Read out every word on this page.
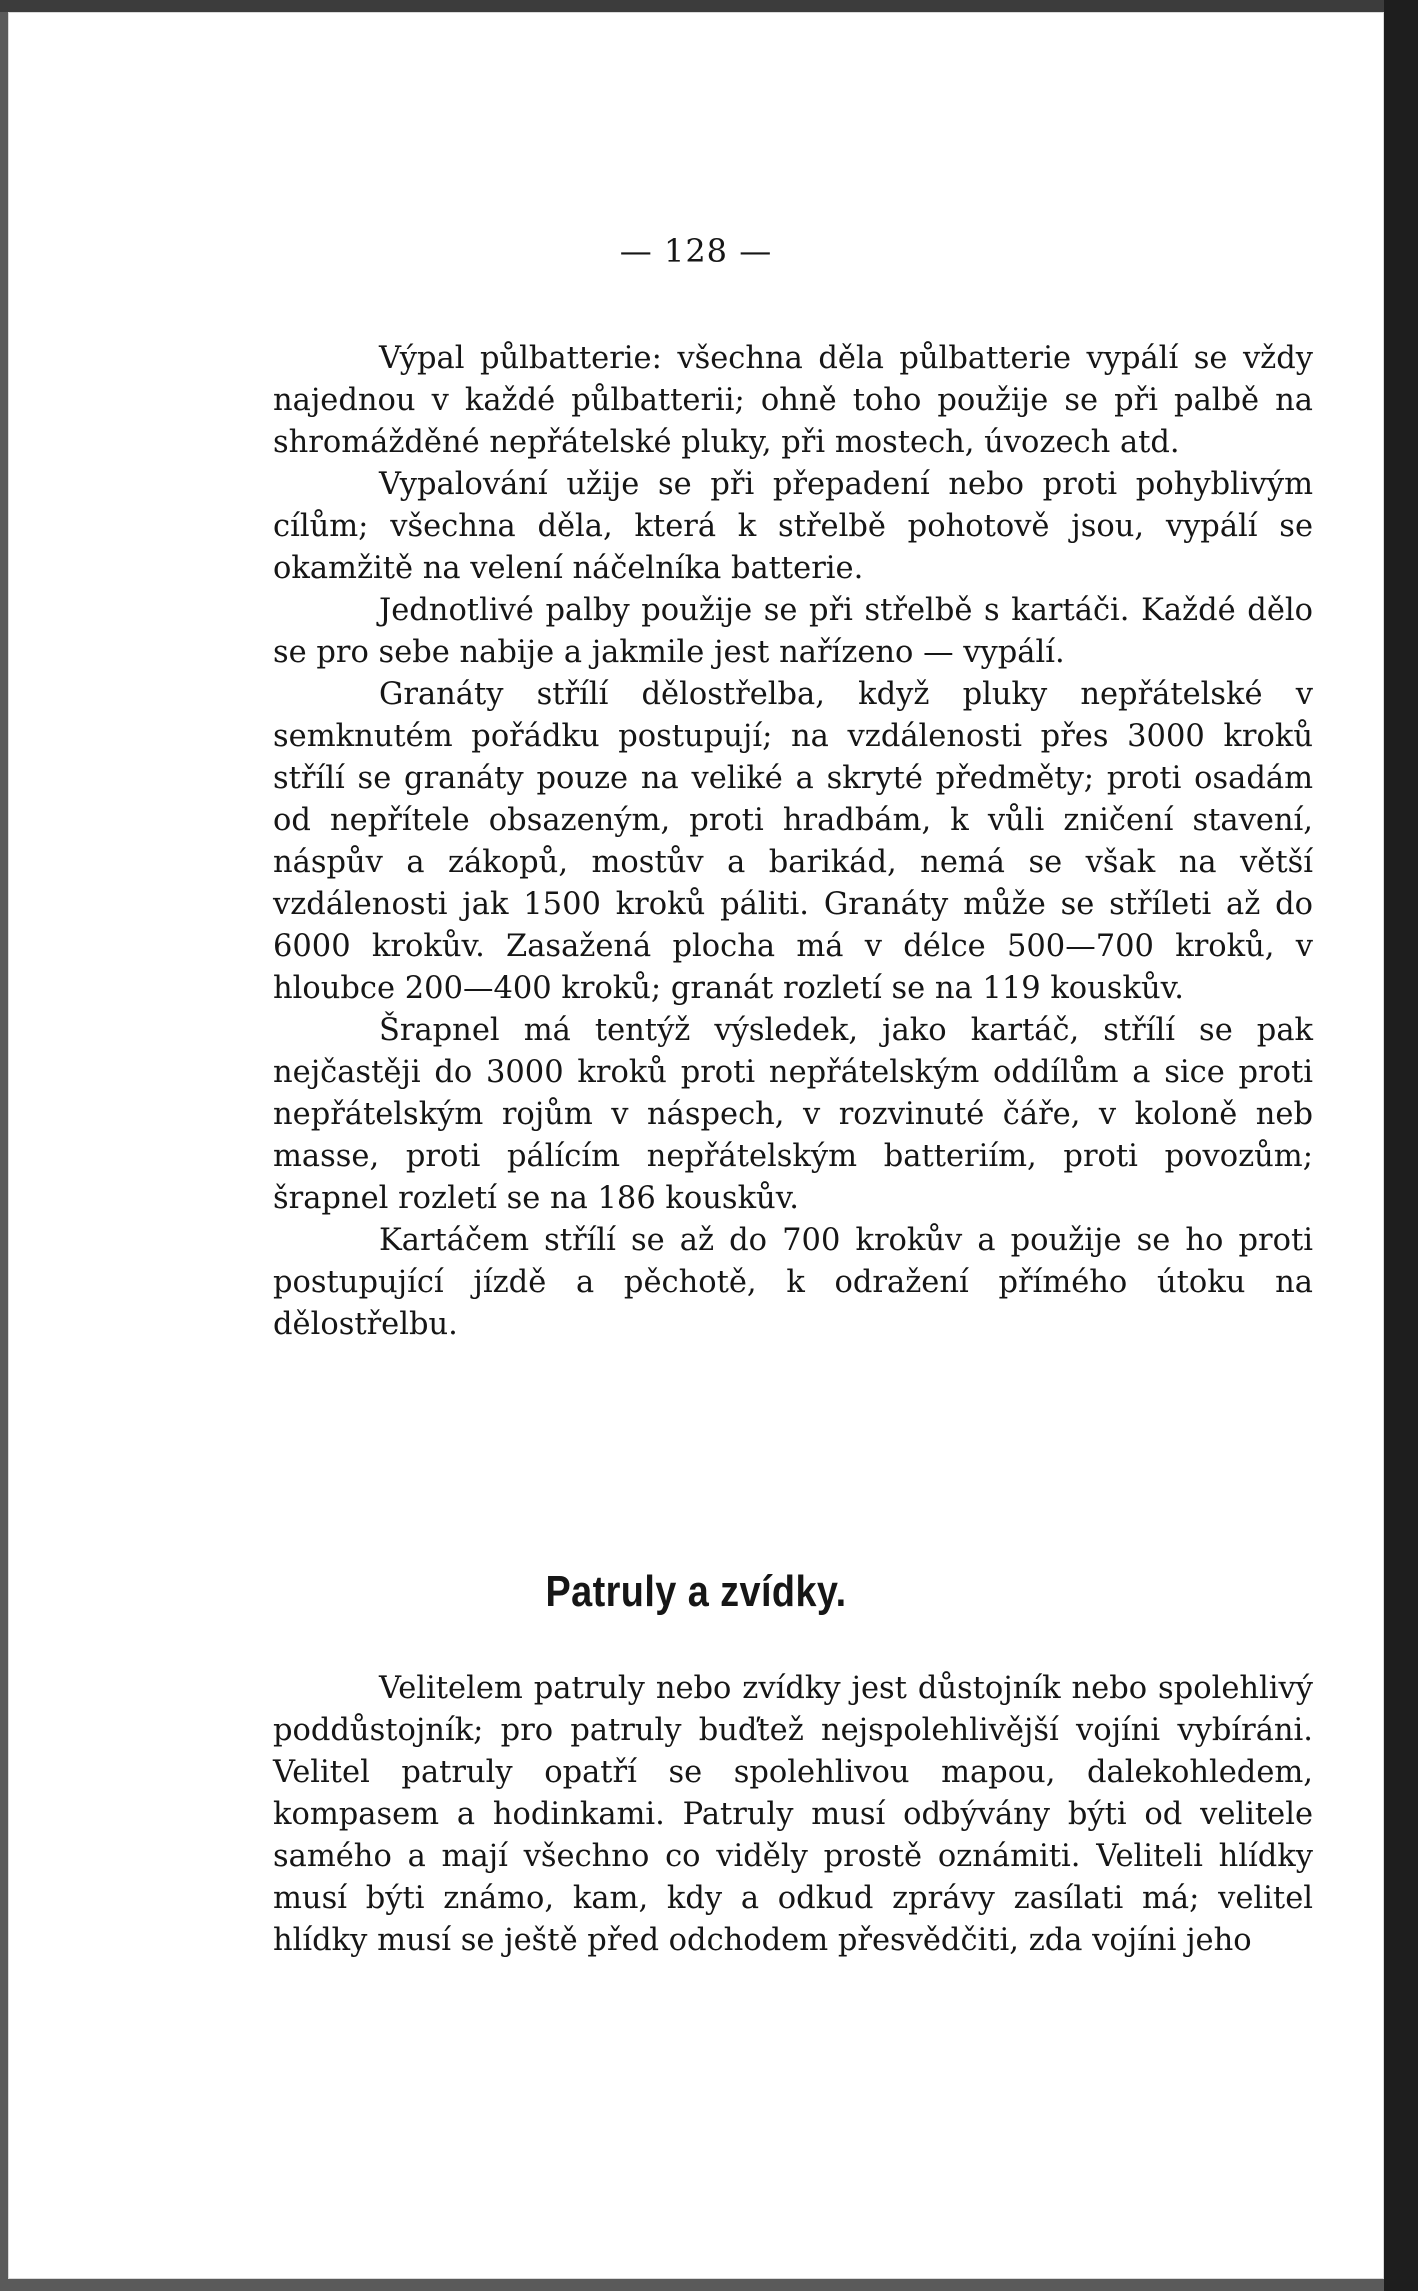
— 128 —

Výpal půlbatterie: všechna děla půlbatterie vypálí se vždy najednou v každé půlbatterii; ohně toho použije se při palbě na shromážděné nepřátelské pluky, při mostech, úvozech atd.

Vypalování užije se při přepadení nebo proti pohyblivým cílům; všechna děla, která k střelbě pohotově jsou, vypálí se okamžitě na velení náčelníka batterie.

Jednotlivé palby použije se při střelbě s kartáči. Každé dělo se pro sebe nabije a jakmile jest nařízeno — vypálí.

Granáty střílí dělostřelba, když pluky nepřátelské v semknutém pořádku postupují; na vzdálenosti přes 3000 kroků střílí se granáty pouze na veliké a skryté předměty; proti osadám od nepřítele obsazeným, proti hradbám, k vůli zničení stavení, náspův a zákopů, mostův a barikád, nemá se však na větší vzdálenosti jak 1500 kroků páliti. Granáty může se stříleti až do 6000 krokův. Zasažená plocha má v délce 500—700 kroků, v hloubce 200—400 kroků; granát rozletí se na 119 kouskův.

Šrapnel má tentýž výsledek, jako kartáč, střílí se pak nejčastěji do 3000 kroků proti nepřátelským oddílům a sice proti nepřátelským rojům v náspech, v rozvinuté čáře, v koloně neb masse, proti pálícím nepřátelským batteriím, proti povozům; šrapnel rozletí se na 186 kouskův.

Kartáčem střílí se až do 700 krokův a použije se ho proti postupující jízdě a pěchotě, k odražení přímého útoku na dělostřelbu.

Patruly a zvídky.

Velitelem patruly nebo zvídky jest důstojník nebo spolehlivý poddůstojník; pro patruly buďtež nejspolehlivější vojíni vybíráni. Velitel patruly opatří se spolehlivou mapou, dalekohledem, kompasem a hodinkami. Patruly musí odbývány býti od velitele samého a mají všechno co viděly prostě oznámiti. Veliteli hlídky musí býti známo, kam, kdy a odkud zprávy zasílati má; velitel hlídky musí se ještě před odchodem přesvědčiti, zda vojíni jeho
